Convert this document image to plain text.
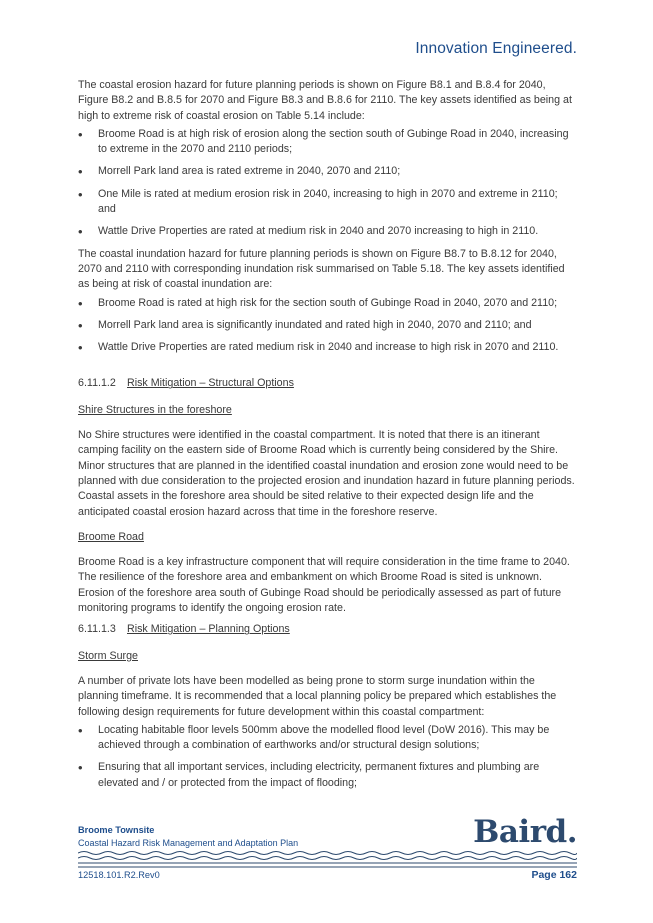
Innovation Engineered.

The coastal erosion hazard for future planning periods is shown on Figure B8.1 and B.8.4 for 2040, Figure B8.2 and B.8.5 for 2070 and Figure B8.3 and B.8.6 for 2110. The key assets identified as being at high to extreme risk of coastal erosion on Table 5.14 include:

• Broome Road is at high risk of erosion along the section south of Gubinge Road in 2040, increasing to extreme in the 2070 and 2110 periods;
• Morrell Park land area is rated extreme in 2040, 2070 and 2110;
• One Mile is rated at medium erosion risk in 2040, increasing to high in 2070 and extreme in 2110; and
• Wattle Drive Properties are rated at medium risk in 2040 and 2070 increasing to high in 2110.

The coastal inundation hazard for future planning periods is shown on Figure B8.7 to B.8.12 for 2040, 2070 and 2110 with corresponding inundation risk summarised on Table 5.18. The key assets identified as being at risk of coastal inundation are:

• Broome Road is rated at high risk for the section south of Gubinge Road in 2040, 2070 and 2110;
• Morrell Park land area is significantly inundated and rated high in 2040, 2070 and 2110; and
• Wattle Drive Properties are rated medium risk in 2040 and increase to high risk in 2070 and 2110.
6.11.1.2	Risk Mitigation – Structural Options

Shire Structures in the foreshore

No Shire structures were identified in the coastal compartment. It is noted that there is an itinerant camping facility on the eastern side of Broome Road which is currently being considered by the Shire. Minor structures that are planned in the identified coastal inundation and erosion zone would need to be planned with due consideration to the projected erosion and inundation hazard in future planning periods. Coastal assets in the foreshore area should be sited relative to their expected design life and the anticipated coastal erosion hazard across that time in the foreshore reserve.

Broome Road

Broome Road is a key infrastructure component that will require consideration in the time frame to 2040. The resilience of the foreshore area and embankment on which Broome Road is sited is unknown. Erosion of the foreshore area south of Gubinge Road should be periodically assessed as part of future monitoring programs to identify the ongoing erosion rate.

6.11.1.3	Risk Mitigation – Planning Options

Storm Surge

A number of private lots have been modelled as being prone to storm surge inundation within the planning timeframe. It is recommended that a local planning policy be prepared which establishes the following design requirements for future development within this coastal compartment:

• Locating habitable floor levels 500mm above the modelled flood level (DoW 2016). This may be achieved through a combination of earthworks and/or structural design solutions;
• Ensuring that all important services, including electricity, permanent fixtures and plumbing are elevated and / or protected from the impact of flooding;
Broome Townsite
Coastal Hazard Risk Management and Adaptation Plan	Baird.
12518.101.R2.Rev0	Page 162
